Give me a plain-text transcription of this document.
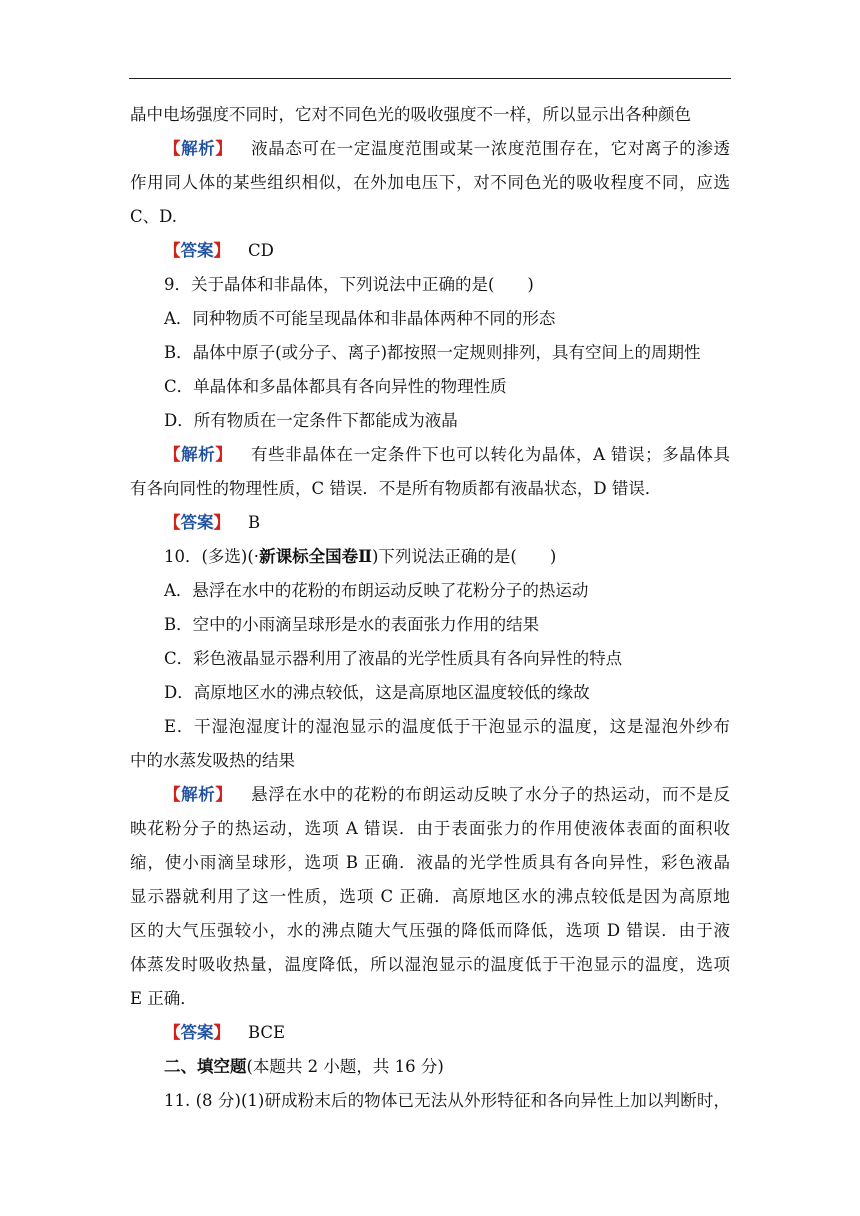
晶中电场强度不同时，它对不同色光的吸收强度不一样，所以显示出各种颜色
【解析】 液晶态可在一定温度范围或某一浓度范围存在，它对离子的渗透
作用同人体的某些组织相似，在外加电压下，对不同色光的吸收程度不同，应选
C、D.
【答案】 CD
9．关于晶体和非晶体，下列说法中正确的是(　　)
A．同种物质不可能呈现晶体和非晶体两种不同的形态
B．晶体中原子(或分子、离子)都按照一定规则排列，具有空间上的周期性
C．单晶体和多晶体都具有各向异性的物理性质
D．所有物质在一定条件下都能成为液晶
【解析】 有些非晶体在一定条件下也可以转化为晶体，A 错误；多晶体具
有各向同性的物理性质，C 错误．不是所有物质都有液晶状态，D 错误．
【答案】 B
10．(多选)(·新课标全国卷Ⅱ)下列说法正确的是(　　)
A．悬浮在水中的花粉的布朗运动反映了花粉分子的热运动
B．空中的小雨滴呈球形是水的表面张力作用的结果
C．彩色液晶显示器利用了液晶的光学性质具有各向异性的特点
D．高原地区水的沸点较低，这是高原地区温度较低的缘故
E．干湿泡湿度计的湿泡显示的温度低于干泡显示的温度，这是湿泡外纱布
中的水蒸发吸热的结果
【解析】 悬浮在水中的花粉的布朗运动反映了水分子的热运动，而不是反
映花粉分子的热运动，选项 A 错误．由于表面张力的作用使液体表面的面积收
缩，使小雨滴呈球形，选项 B 正确．液晶的光学性质具有各向异性，彩色液晶
显示器就利用了这一性质，选项 C 正确．高原地区水的沸点较低是因为高原地
区的大气压强较小，水的沸点随大气压强的降低而降低，选项 D 错误．由于液
体蒸发时吸收热量，温度降低，所以湿泡显示的温度低于干泡显示的温度，选项
E 正确．
【答案】 BCE
二、填空题(本题共 2 小题，共 16 分)
11. (8 分)(1)研成粉末后的物体已无法从外形特征和各向异性上加以判断时，
